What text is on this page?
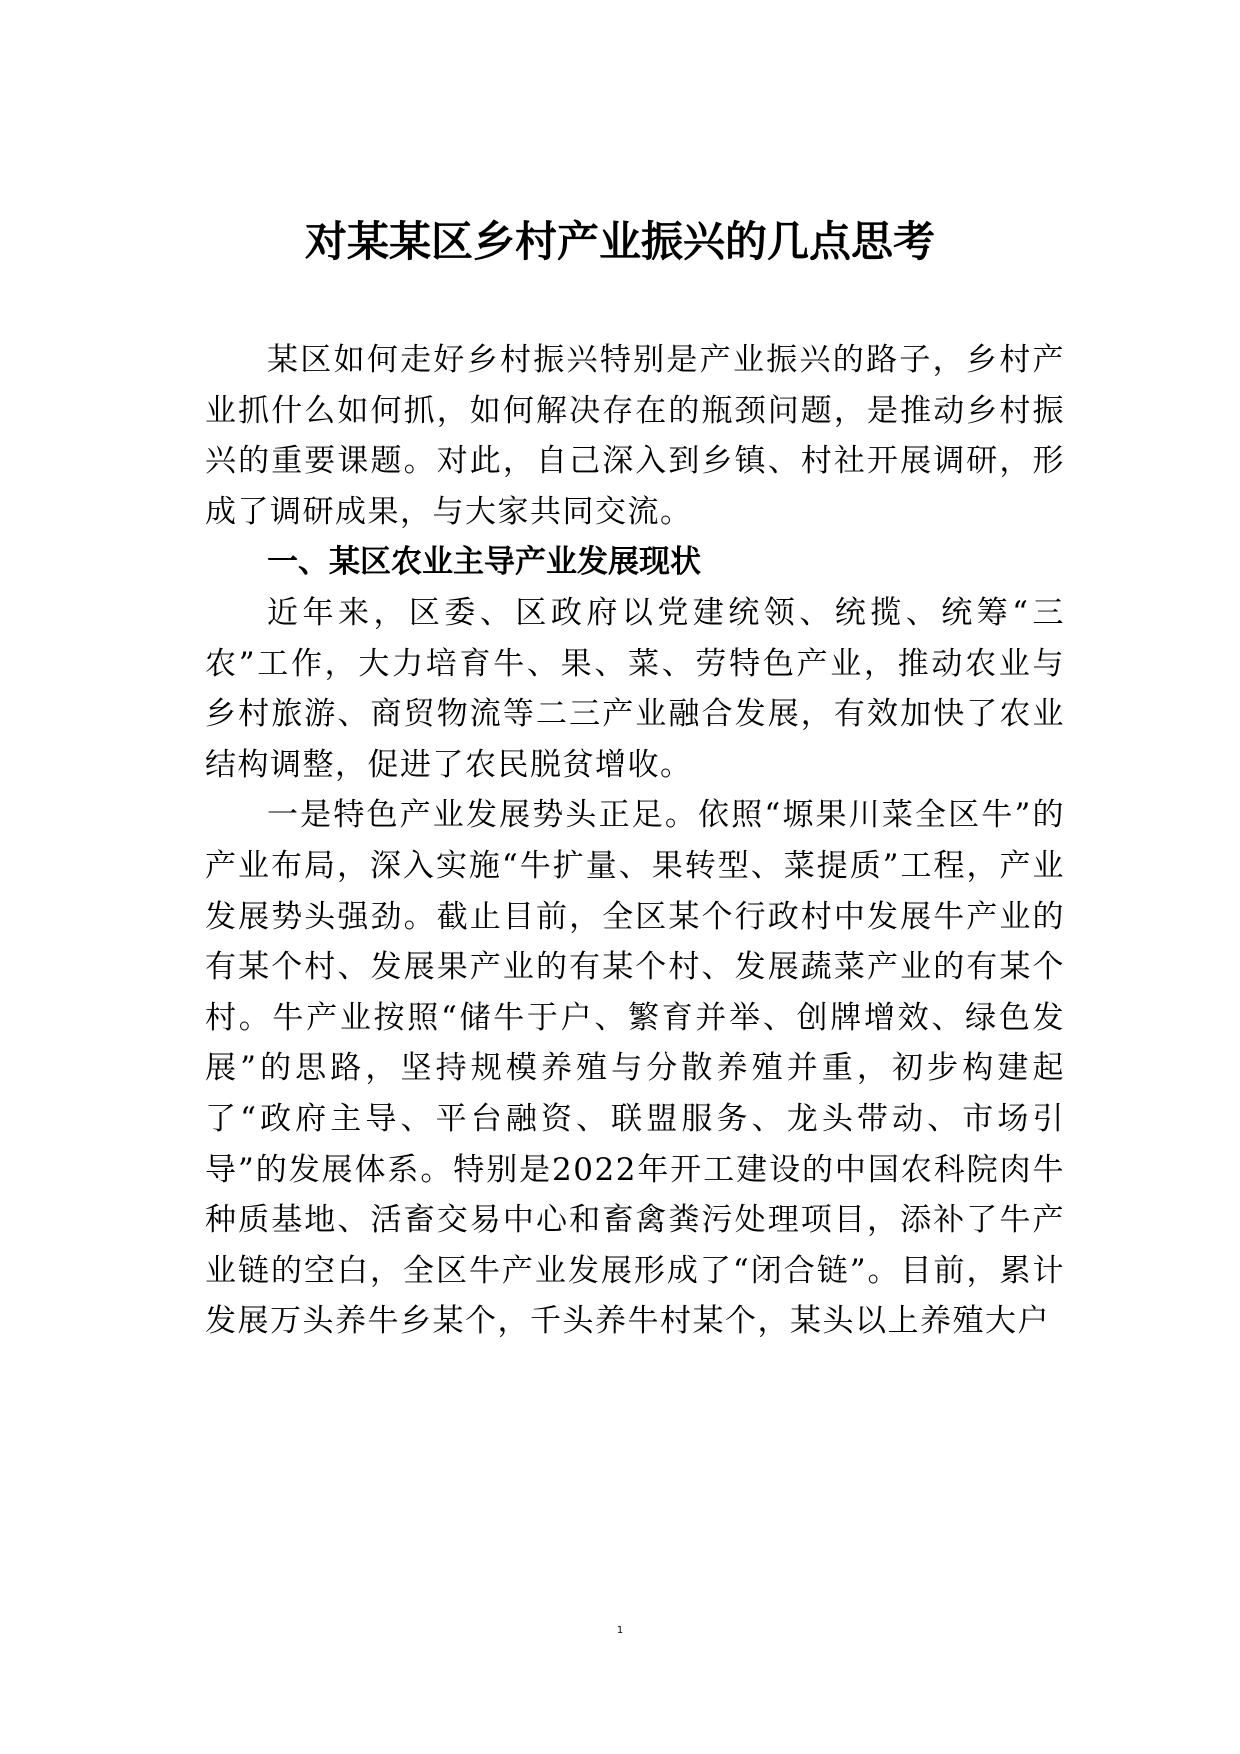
对某某区乡村产业振兴的几点思考

某区如何走好乡村振兴特别是产业振兴的路子，乡村产业抓什么如何抓，如何解决存在的瓶颈问题，是推动乡村振兴的重要课题。对此，自己深入到乡镇、村社开展调研，形成了调研成果，与大家共同交流。

一、某区农业主导产业发展现状

近年来，区委、区政府以党建统领、统揽、统筹“三农”工作，大力培育牛、果、菜、劳特色产业，推动农业与乡村旅游、商贸物流等二三产业融合发展，有效加快了农业结构调整，促进了农民脱贫增收。

一是特色产业发展势头正足。依照“塬果川菜全区牛”的产业布局，深入实施“牛扩量、果转型、菜提质”工程，产业发展势头强劲。截止目前，全区某个行政村中发展牛产业的有某个村、发展果产业的有某个村、发展蔬菜产业的有某个村。牛产业按照“储牛于户、繁育并举、创牌增效、绿色发展”的思路，坚持规模养殖与分散养殖并重，初步构建起了“政府主导、平台融资、联盟服务、龙头带动、市场引导”的发展体系。特别是2022年开工建设的中国农科院肉牛种质基地、活畜交易中心和畜禽粪污处理项目，添补了牛产业链的空白，全区牛产业发展形成了“闭合链”。目前，累计发展万头养牛乡某个，千头养牛村某个，某头以上养殖大户

1
